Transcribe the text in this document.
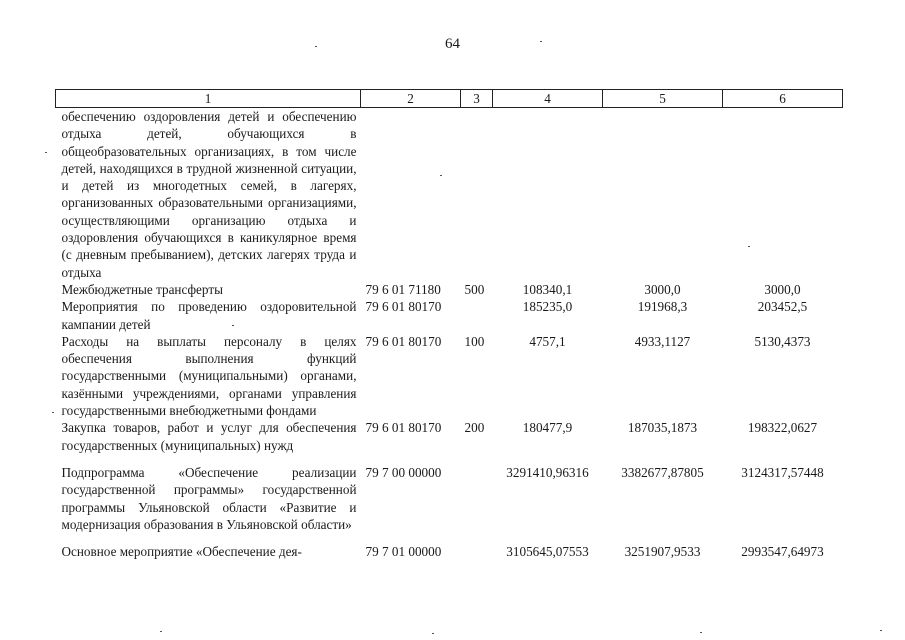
64
1	2	3	4	5	6
обеспечению оздоровления детей и обеспечению отдыха детей, обучающихся в общеобразовательных организациях, в том числе детей, находящихся в трудной жизненной ситуации, и детей из многодетных семей, в лагерях, организованных образовательными организациями, осуществляющими организацию отдыха и оздоровления обучающихся в каникулярное время (с дневным пребыванием), детских лагерях труда и отдыха					
Межбюджетные трансферты	79 6 01 71180	500	108340,1	3000,0	3000,0
Мероприятия по проведению оздоровительной кампании детей	79 6 01 80170		185235,0	191968,3	203452,5
Расходы на выплаты персоналу в целях обеспечения выполнения функций государственными (муниципальными) органами, казёнными учреждениями, органами управления государственными внебюджетными фондами	79 6 01 80170	100	4757,1	4933,1127	5130,4373
Закупка товаров, работ и услуг для обеспечения государственных (муниципальных) нужд	79 6 01 80170	200	180477,9	187035,1873	198322,0627
Подпрограмма «Обеспечение реализации государственной программы» государственной программы Ульяновской области «Развитие и модернизация образования в Ульяновской области»	79 7 00 00000		3291410,96316	3382677,87805	3124317,57448
Основное мероприятие «Обеспечение дея-	79 7 01 00000		3105645,07553	3251907,9533	2993547,64973
